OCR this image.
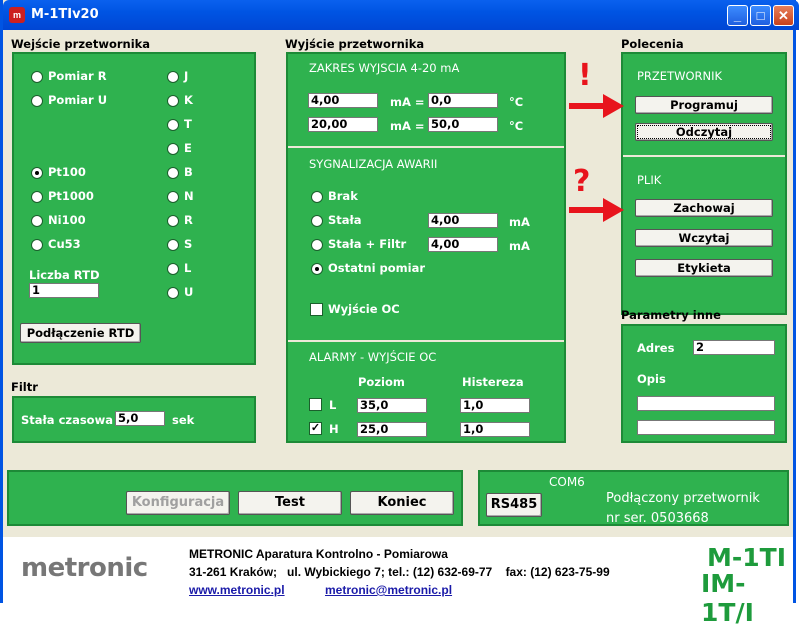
m M-1TIv20	_	□	✕
Wejście przetwornika
Pomiar R
Pomiar U
Pt100
Pt1000
Ni100
Cu53
J
K
T
E
B
N
R
S
L
U
Liczba RTD
1
Podłączenie RTD
Filtr
Stała czasowa 5,0	sek
Wyjście przetwornika
ZAKRES WYJSCIA 4-20 mA
4,00	mA = 0,0	°C
20,00	mA = 50,0	°C
SYGNALIZACJA AWARII
Brak
Stała	4,00	mA
Stała + Filtr 4,00	mA
Ostatni pomiar
Wyjście OC
ALARMY - WYJŚCIE OC
Poziom	Histereza
L 35,0	1,0
✓ H 25,0	1,0
Polecenia
PRZETWORNIK
Programuj
Odczytaj
PLIK
Zachowaj
Wczytaj
Etykieta
!
?
Parametry inne
Adres 2
Opis
Konfiguracja	Test	Koniec
COM6
RS485	Podłączony przetwornik
nr ser. 0503668
metronic	METRONIC Aparatura Kontrolno - Pomiarowa
31-261 Kraków;   ul. Wybickiego 7; tel.: (12) 632-69-77    fax: (12) 623-75-99
www.metronic.pl	metronic@metronic.pl
M-1TI
IM-1T/I
